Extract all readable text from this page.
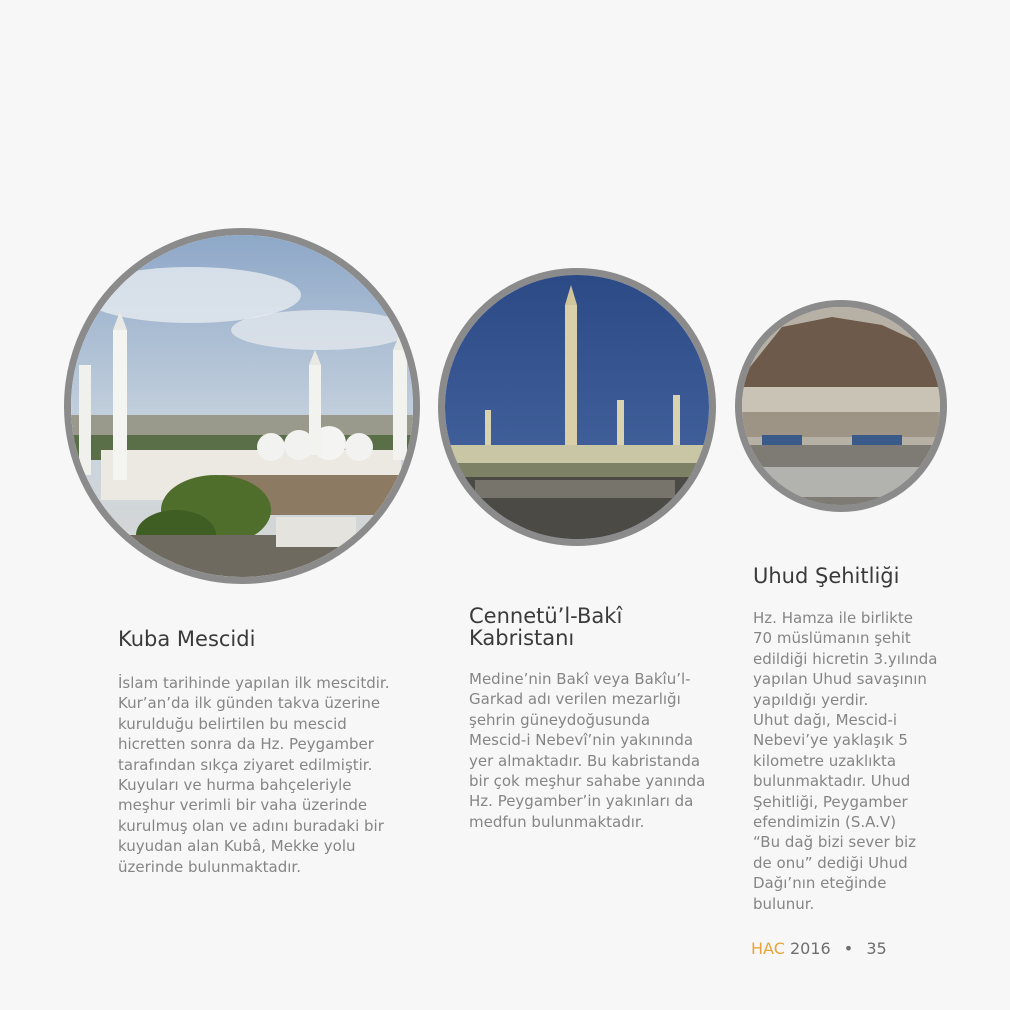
Kuba Mescidi

İslam tarihinde yapılan ilk mescitdir.
Kur’an’da ilk günden takva üzerine
kurulduğu belirtilen bu mescid
hicretten sonra da Hz. Peygamber
tarafından sıkça ziyaret edilmiştir.
Kuyuları ve hurma bahçeleriyle
meşhur verimli bir vaha üzerinde
kurulmuş olan ve adını buradaki bir
kuyudan alan Kubâ, Mekke yolu
üzerinde bulunmaktadır.

Cennetü’l-Bakî
Kabristanı

Medine’nin Bakî veya Bakîu’l-
Garkad adı verilen mezarlığı
şehrin güneydoğusunda
Mescid-i Nebevî’nin yakınında
yer almaktadır. Bu kabristanda
bir çok meşhur sahabe yanında
Hz. Peygamber’in yakınları da
medfun bulunmaktadır.

Uhud Şehitliği

Hz. Hamza ile birlikte
70 müslümanın şehit
edildiği hicretin 3.yılında
yapılan Uhud savaşının
yapıldığı yerdir.
Uhut dağı, Mescid-i
Nebevi’ye yaklaşık 5
kilometre uzaklıkta
bulunmaktadır. Uhud
Şehitliği, Peygamber
efendimizin (S.A.V)
“Bu dağ bizi sever biz
de onu” dediği Uhud
Dağı’nın eteğinde
bulunur.

HAC 2016 • 35
